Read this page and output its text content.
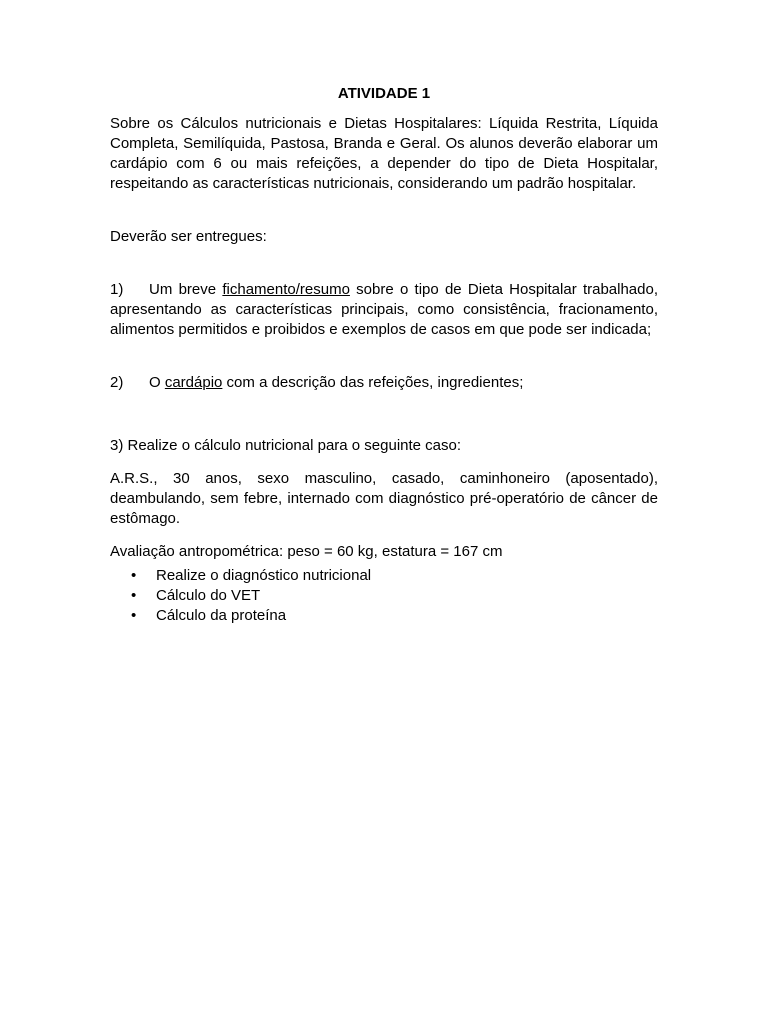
ATIVIDADE 1

Sobre os Cálculos nutricionais e Dietas Hospitalares: Líquida Restrita, Líquida Completa, Semilíquida, Pastosa, Branda e Geral. Os alunos deverão elaborar um cardápio com 6 ou mais refeições, a depender do tipo de Dieta Hospitalar, respeitando as características nutricionais, considerando um padrão hospitalar.

Deverão ser entregues:

1) Um breve fichamento/resumo sobre o tipo de Dieta Hospitalar trabalhado, apresentando as características principais, como consistência, fracionamento, alimentos permitidos e proibidos e exemplos de casos em que pode ser indicada;

2) O cardápio com a descrição das refeições, ingredientes;

3) Realize o cálculo nutricional para o seguinte caso:

A.R.S., 30 anos, sexo masculino, casado, caminhoneiro (aposentado), deambulando, sem febre, internado com diagnóstico pré-operatório de câncer de estômago.

Avaliação antropométrica: peso = 60 kg, estatura = 167 cm

• Realize o diagnóstico nutricional
• Cálculo do VET
• Cálculo da proteína
